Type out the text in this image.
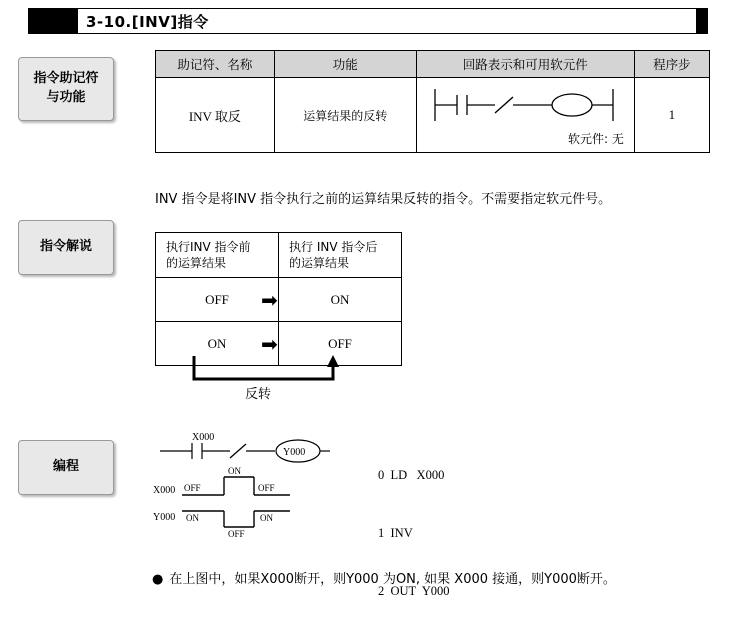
3-10.[INV]指令
指令助记符
与功能
指令解说
编程
助记符、名称	功能	回路表示和可用软元件	程序步
INV 取反	运算结果的反转	软元件: 无	1
INV 指令是将INV 指令执行之前的运算结果反转的指令。不需要指定软元件号。
执行INV 指令前
的运算结果	执行 INV 指令后
的运算结果
OFF	➡ ON
ON	➡ OFF
反转
X000
Y000
ON
X000
Y000
OFF	OFF
ON	ON
OFF

0  LD   X000

1  INV

2  OUT  Y000

● 在上图中，如果X000断开，则Y000 为ON, 如果 X000 接通，则Y000断开。
